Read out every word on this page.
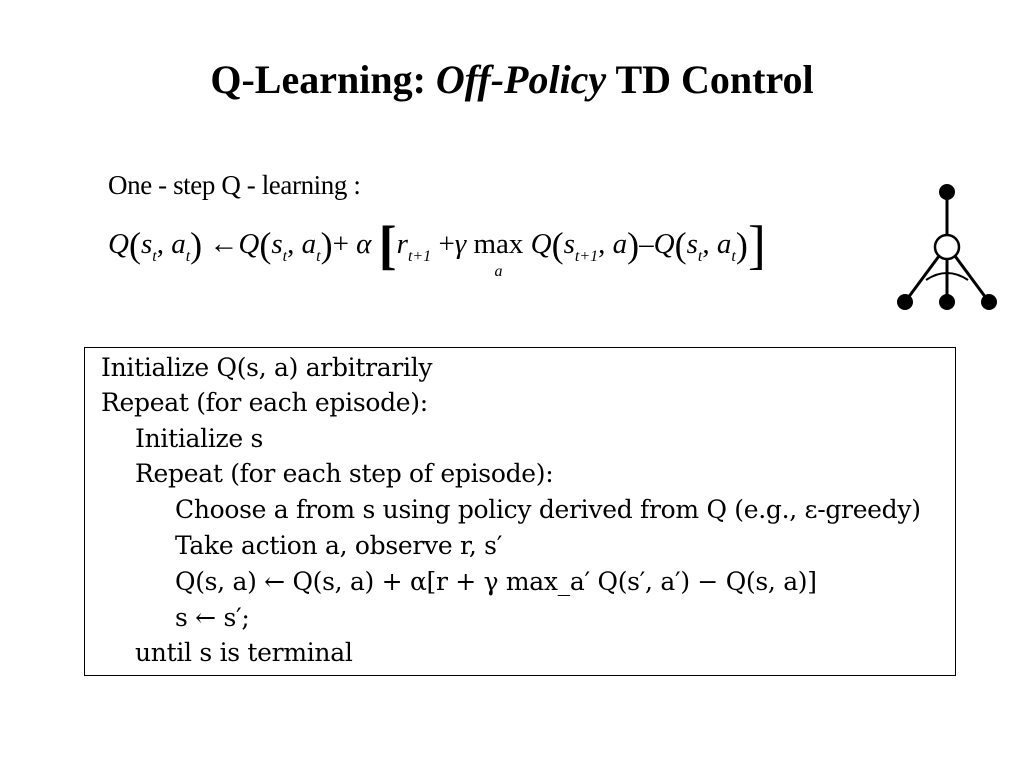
Q-Learning: Off-Policy TD Control
One - step Q - learning :
$Q(s_t$, $a_t$) $\leftarrow Q(s_t$, $a_t)+ \alpha$ [$r_{t+1} +\gamma$ max
a
$Q(s_{t+1}$, $a)-Q(s_t$, $a_t$)]
Initialize Q(s, a) arbitrarily
Repeat (for each episode):
Initialize s
Repeat (for each step of episode):
Choose a from s using policy derived from Q (e.g., ε-greedy)
Take action a, observe r, s′
Q(s, a) ← Q(s, a) + α[r + γ max_a′ Q(s′, a′) − Q(s, a)]
s ← s′;
until s is terminal
